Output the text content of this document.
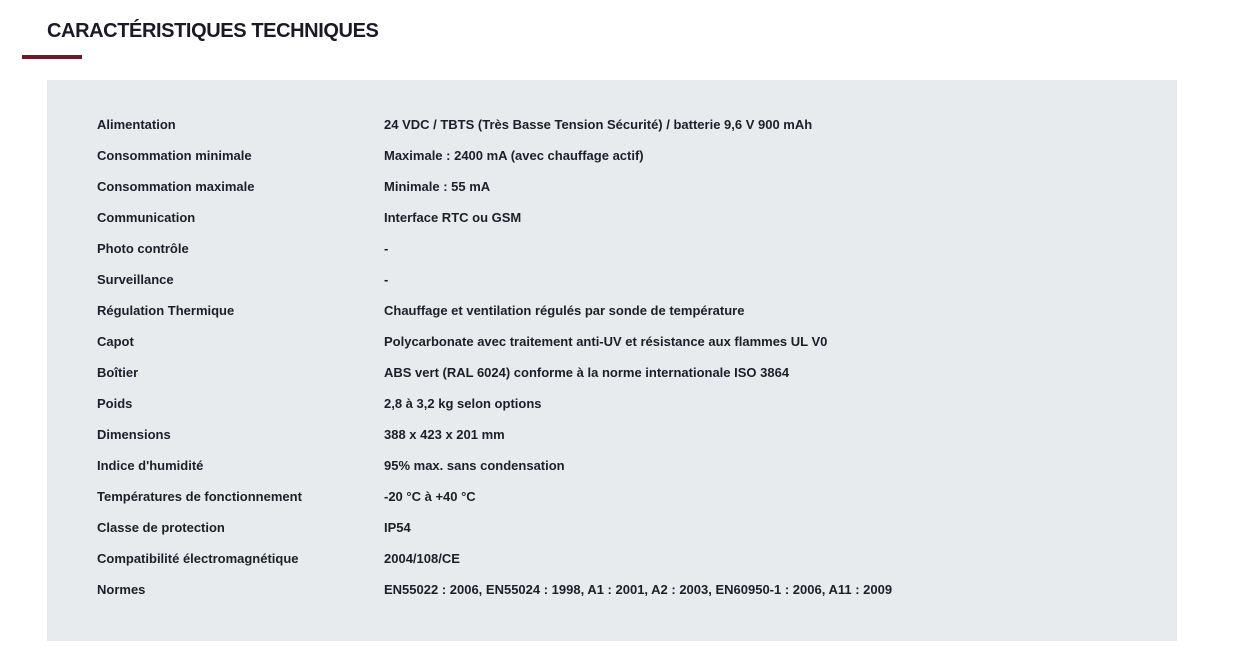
CARACTÉRISTIQUES TECHNIQUES
Alimentation	24 VDC / TBTS (Très Basse Tension Sécurité) / batterie 9,6 V 900 mAh
Consommation minimale	Maximale : 2400 mA (avec chauffage actif)
Consommation maximale	Minimale : 55 mA
Communication	Interface RTC ou GSM
Photo contrôle	-
Surveillance	-
Régulation Thermique	Chauffage et ventilation régulés par sonde de température
Capot	Polycarbonate avec traitement anti-UV et résistance aux flammes UL V0
Boîtier	ABS vert (RAL 6024) conforme à la norme internationale ISO 3864
Poids	2,8 à 3,2 kg selon options
Dimensions	388 x 423 x 201 mm
Indice d'humidité	95% max. sans condensation
Températures de fonctionnement	-20 °C à +40 °C
Classe de protection	IP54
Compatibilité électromagnétique	2004/108/CE
Normes	EN55022 : 2006, EN55024 : 1998, A1 : 2001, A2 : 2003, EN60950-1 : 2006, A11 : 2009
